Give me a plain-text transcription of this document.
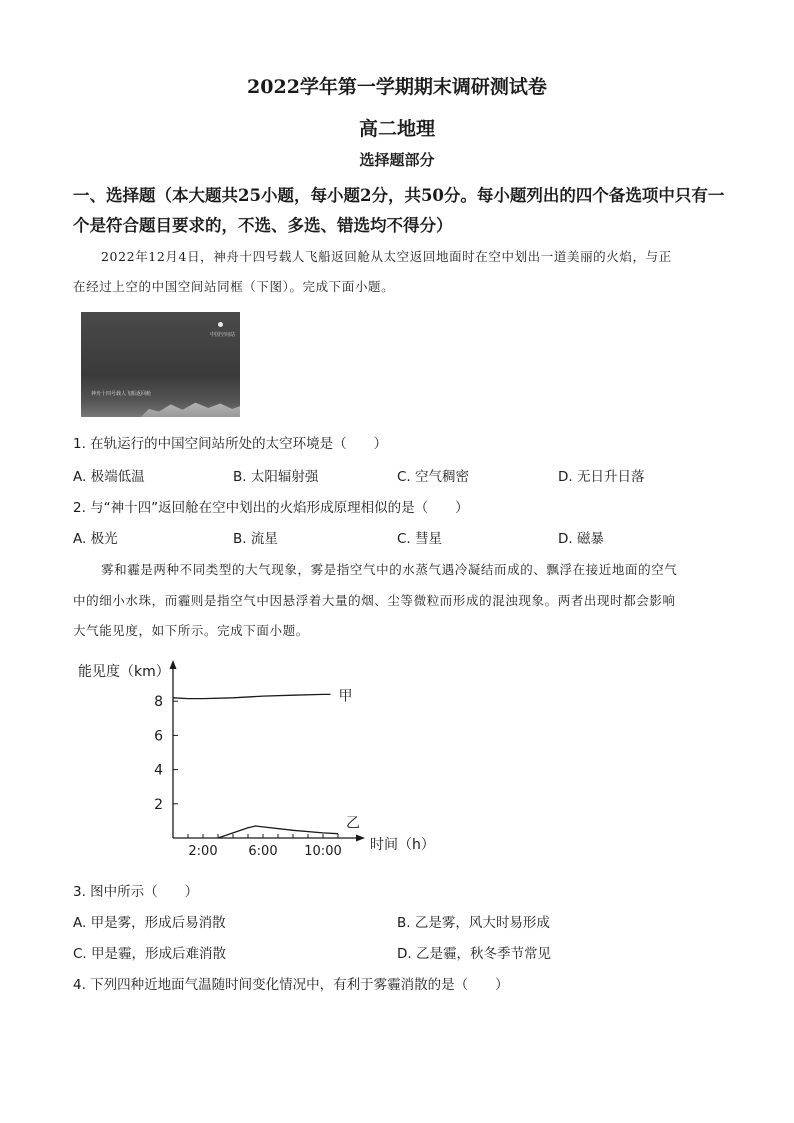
2022学年第一学期期末调研测试卷
高二地理
选择题部分
一、选择题（本大题共25小题，每小题2分，共50分。每小题列出的四个备选项中只有一
个是符合题目要求的，不选、多选、错选均不得分）
2022年12月4日，神舟十四号载人飞船返回舱从太空返回地面时在空中划出一道美丽的火焰，与正
在经过上空的中国空间站同框（下图）。完成下面小题。
中国空间站
神舟十四号载人飞船返回舱
1. 在轨运行的中国空间站所处的太空环境是（　　）
A. 极端低温	B. 太阳辐射强	C. 空气稠密	D. 无日升日落
2. 与“神十四”返回舱在空中划出的火焰形成原理相似的是（　　）
A. 极光	B. 流星	C. 彗星	D. 磁暴
雾和霾是两种不同类型的大气现象，雾是指空气中的水蒸气遇冷凝结而成的、飘浮在接近地面的空气
中的细小水珠，而霾则是指空气中因悬浮着大量的烟、尘等微粒而形成的混浊现象。两者出现时都会影响
大气能见度，如下所示。完成下面小题。
2
4
6
8
2:00 6:00 10:00
甲
乙
能见度（km）
时间（h）
3. 图中所示（　　）
A. 甲是雾，形成后易消散	B. 乙是雾，风大时易形成
C. 甲是霾，形成后难消散	D. 乙是霾，秋冬季节常见
4. 下列四种近地面气温随时间变化情况中，有利于雾霾消散的是（　　）
